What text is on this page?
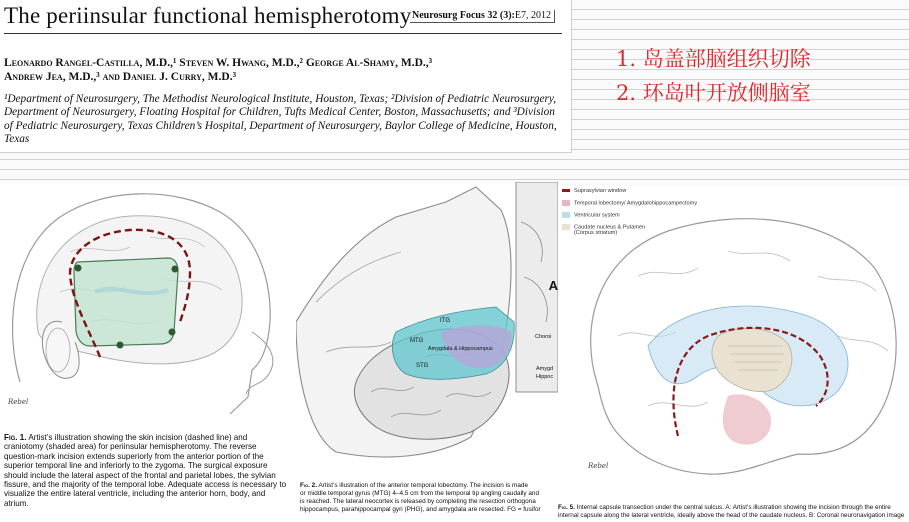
The periinsular functional hemispherotomy Neurosurg Focus 32 (3):E7, 2012
Leonardo Rangel-Castilla, M.D.,¹ Steven W. Hwang, M.D.,² George Al-Shamy, M.D.,³
Andrew Jea, M.D.,³ and Daniel J. Curry, M.D.³
¹Department of Neurosurgery, The Methodist Neurological Institute, Houston, Texas; ²Division of Pediatric Neurosurgery, Department of Neurosurgery, Floating Hospital for Children, Tufts Medical Center, Boston, Massachusetts; and ³Division of Pediatric Neurosurgery, Texas Children’s Hospital, Department of Neurosurgery, Baylor College of Medicine, Houston, Texas
1. 岛盖部脑组织切除
2. 环岛叶开放侧脑室
Rebel
Fig. 1. Artist’s illustration showing the skin incision (dashed line) and craniotomy (shaded area) for periinsular hemispherotomy. The reverse question-mark incision extends superiorly from the anterior portion of the superior temporal line and inferiorly to the zygoma. The surgical exposure should include the lateral aspect of the frontal and parietal lobes, the sylvian fissure, and the majority of the temporal lobe. Adequate access is necessary to visualize the entire lateral ventricle, including the anterior horn, body, and atrium.
ITG
MTG
STG
Amygdala & Hippocampus
Choroi
Amygd
Hippoc
A
Fig. 2. Artist’s illustration of the anterior temporal lobectomy. The incision is made
or middle temporal gyrus (MTG) 4–4.5 cm from the temporal tip angling caudally and
is reached. The lateral neocortex is released by completing the resection orthogona
hippocampus, parahippocampal gyri (PHG), and amygdala are resected. FG = fusifor
Rebel
Suprasylvian window
Temporal lobectomy/ Amygdalohippocampectomy
Ventricular system
Caudate nucleus & Putamen
(Corpus striatum)
Fig. 5. Internal capsule transection under the central sulcus. A: Artist’s illustration showing the incision through the entire
internal capsule along the lateral ventricle, ideally above the head of the caudate nucleus. B: Coronal neuronavigation image
